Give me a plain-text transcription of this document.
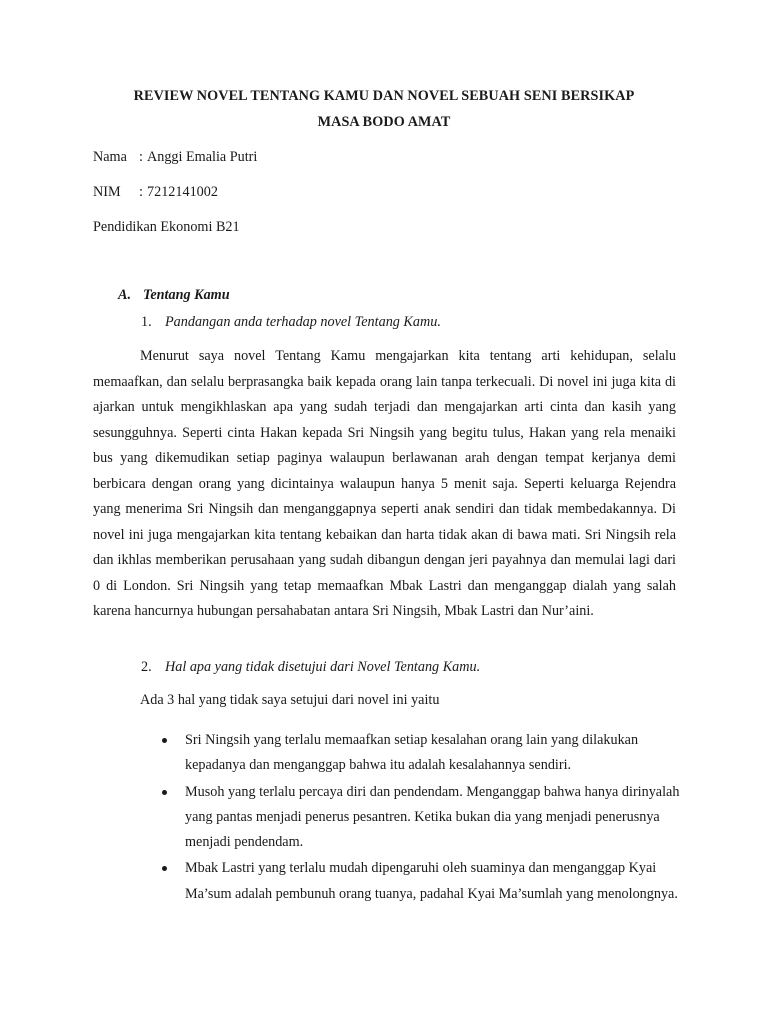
REVIEW NOVEL TENTANG KAMU DAN NOVEL SEBUAH SENI BERSIKAP
MASA BODO AMAT
Nama : Anggi Emalia Putri
NIM : 7212141002
Pendidikan Ekonomi B21
A. Tentang Kamu
1. Pandangan anda terhadap novel Tentang Kamu.

Menurut saya novel Tentang Kamu mengajarkan kita tentang arti kehidupan, selalu memaafkan, dan selalu berprasangka baik kepada orang lain tanpa terkecuali. Di novel ini juga kita di ajarkan untuk mengikhlaskan apa yang sudah terjadi dan mengajarkan arti cinta dan kasih yang sesungguhnya. Seperti cinta Hakan kepada Sri Ningsih yang begitu tulus, Hakan yang rela menaiki bus yang dikemudikan setiap paginya walaupun berlawanan arah dengan tempat kerjanya demi berbicara dengan orang yang dicintainya walaupun hanya 5 menit saja. Seperti keluarga Rejendra yang menerima Sri Ningsih dan menganggapnya seperti anak sendiri dan tidak membedakannya. Di novel ini juga mengajarkan kita tentang kebaikan dan harta tidak akan di bawa mati. Sri Ningsih rela dan ikhlas memberikan perusahaan yang sudah dibangun dengan jeri payahnya dan memulai lagi dari 0 di London. Sri Ningsih yang tetap memaafkan Mbak Lastri dan menganggap dialah yang salah karena hancurnya hubungan persahabatan antara Sri Ningsih, Mbak Lastri dan Nur’aini.

2. Hal apa yang tidak disetujui dari Novel Tentang Kamu.
Ada 3 hal yang tidak saya setujui dari novel ini yaitu
Sri Ningsih yang terlalu memaafkan setiap kesalahan orang lain yang dilakukan kepadanya dan menganggap bahwa itu adalah kesalahannya sendiri.
Musoh yang terlalu percaya diri dan pendendam. Menganggap bahwa hanya dirinyalah yang pantas menjadi penerus pesantren. Ketika bukan dia yang menjadi penerusnya menjadi pendendam.
Mbak Lastri yang terlalu mudah dipengaruhi oleh suaminya dan menganggap Kyai Ma’sum adalah pembunuh orang tuanya, padahal Kyai Ma’sumlah yang menolongnya.
